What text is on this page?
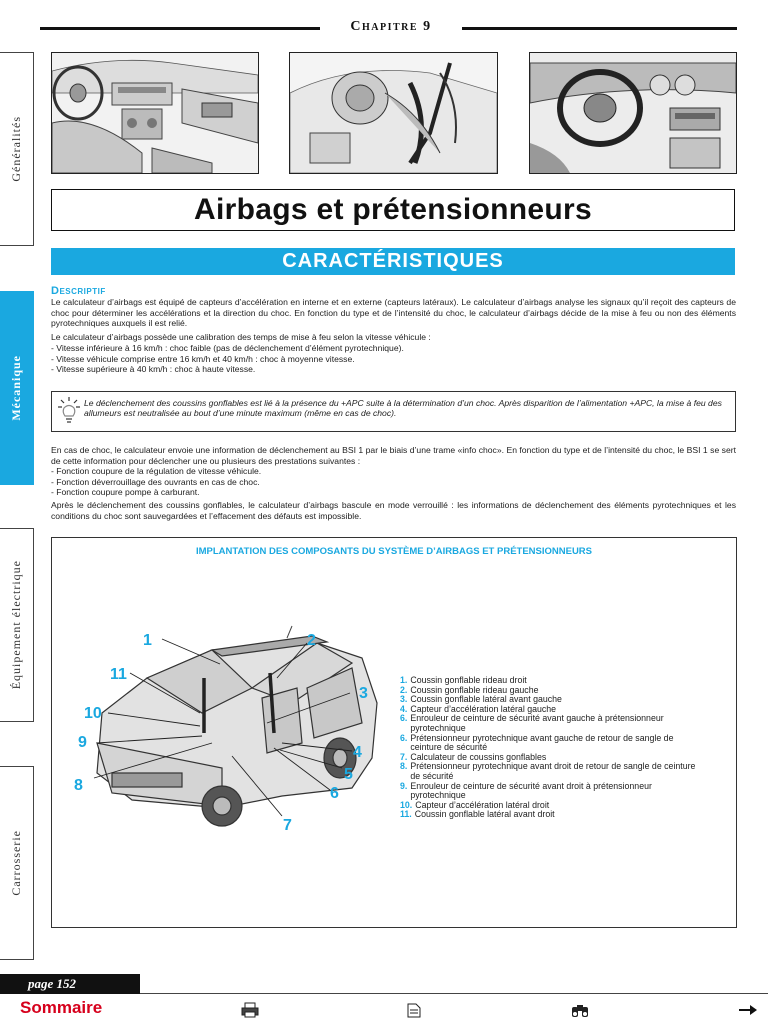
Chapitre 9
Généralités
Mécanique
Équipement électrique
Carrosserie
Airbags et prétensionneurs
CARACTÉRISTIQUES
Descriptif
Le calculateur d’airbags est équipé de capteurs d’accélération en interne et en externe (capteurs latéraux). Le calculateur d’airbags analyse les signaux qu’il reçoit des capteurs de choc pour déterminer les accélérations et la direction du choc. En fonction du type et de l’intensité du choc, le calculateur d’airbags décide de la mise à feu ou non des éléments pyrotechniques auxquels il est relié.
Le calculateur d’airbags possède une calibration des temps de mise à feu selon la vitesse véhicule :
- Vitesse inférieure à 16 km/h : choc faible (pas de déclenchement d’élément pyrotechnique).
- Vitesse véhicule comprise entre 16 km/h et 40 km/h : choc à moyenne vitesse.
- Vitesse supérieure à 40 km/h : choc à haute vitesse.
Le déclenchement des coussins gonflables est lié à la présence du +APC suite à la détermination d’un choc. Après disparition de l’alimentation +APC, la mise à feu des allumeurs est neutralisée au bout d’une minute maximum (même en cas de choc).
En cas de choc, le calculateur envoie une information de déclenchement au BSI 1 par le biais d’une trame «info choc». En fonction du type et de l’intensité du choc, le BSI 1 se sert de cette information pour déclencher une ou plusieurs des prestations suivantes :
- Fonction coupure de la régulation de vitesse véhicule.
- Fonction déverrouillage des ouvrants en cas de choc.
- Fonction coupure pompe à carburant.
Après le déclenchement des coussins gonflables, le calculateur d’airbags bascule en mode verrouillé : les informations de déclenchement des éléments pyrotechniques et les conditions du choc sont sauvegardées et l’effacement des défauts est impossible.
IMPLANTATION DES COMPOSANTS DU SYSTÈME D’AIRBAGS ET PRÉTENSIONNEURS
1	2
3
4
5
6
7
8
9
10
11	1. Coussin gonflable rideau droit
2. Coussin gonflable rideau gauche
3. Coussin gonflable latéral avant gauche
4. Capteur d’accélération latéral gauche
6. Enrouleur de ceinture de sécurité avant gauche à prétensionneur pyrotechnique
6. Prétensionneur pyrotechnique avant gauche de retour de sangle de ceinture de sécurité
7. Calculateur de coussins gonflables
8. Prétensionneur pyrotechnique avant droit de retour de sangle de ceinture de sécurité
9. Enrouleur de ceinture de sécurité avant droit à prétensionneur pyrotechnique
10. Capteur d’accélération latéral droit
11. Coussin gonflable latéral avant droit
page 152
Sommaire
